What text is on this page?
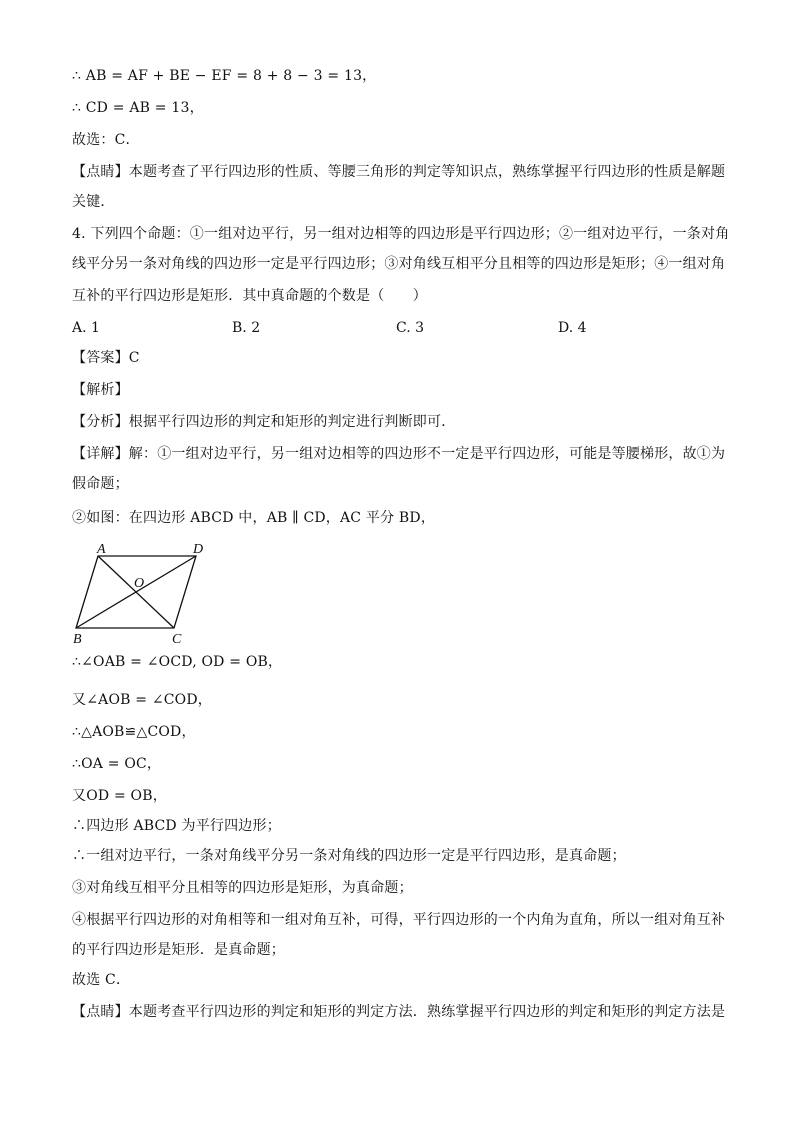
∴ AB = AF + BE − EF = 8 + 8 − 3 = 13，
∴ CD = AB = 13，
故选：C．
【点睛】本题考查了平行四边形的性质、等腰三角形的判定等知识点，熟练掌握平行四边形的性质是解题
关键．
4. 下列四个命题：①一组对边平行，另一组对边相等的四边形是平行四边形；②一组对边平行，一条对角
线平分另一条对角线的四边形一定是平行四边形；③对角线互相平分且相等的四边形是矩形；④一组对角
互补的平行四边形是矩形．其中真命题的个数是（　　）
A. 1	B. 2	C. 3	D. 4
【答案】C
【解析】
【分析】根据平行四边形的判定和矩形的判定进行判断即可．
【详解】解：①一组对边平行，另一组对边相等的四边形不一定是平行四边形，可能是等腰梯形，故①为
假命题；
②如图：在四边形 ABCD 中，AB ∥ CD，AC 平分 BD，
A	D
O
B	C
∴∠OAB = ∠OCD, OD = OB，
又∠AOB = ∠COD，
∴△AOB≌△COD，
∴OA = OC，
又OD = OB，
∴四边形 ABCD 为平行四边形；
∴一组对边平行，一条对角线平分另一条对角线的四边形一定是平行四边形，是真命题；
③对角线互相平分且相等的四边形是矩形，为真命题；
④根据平行四边形的对角相等和一组对角互补，可得，平行四边形的一个内角为直角，所以一组对角互补
的平行四边形是矩形．是真命题；
故选 C．
【点睛】本题考查平行四边形的判定和矩形的判定方法．熟练掌握平行四边形的判定和矩形的判定方法是
